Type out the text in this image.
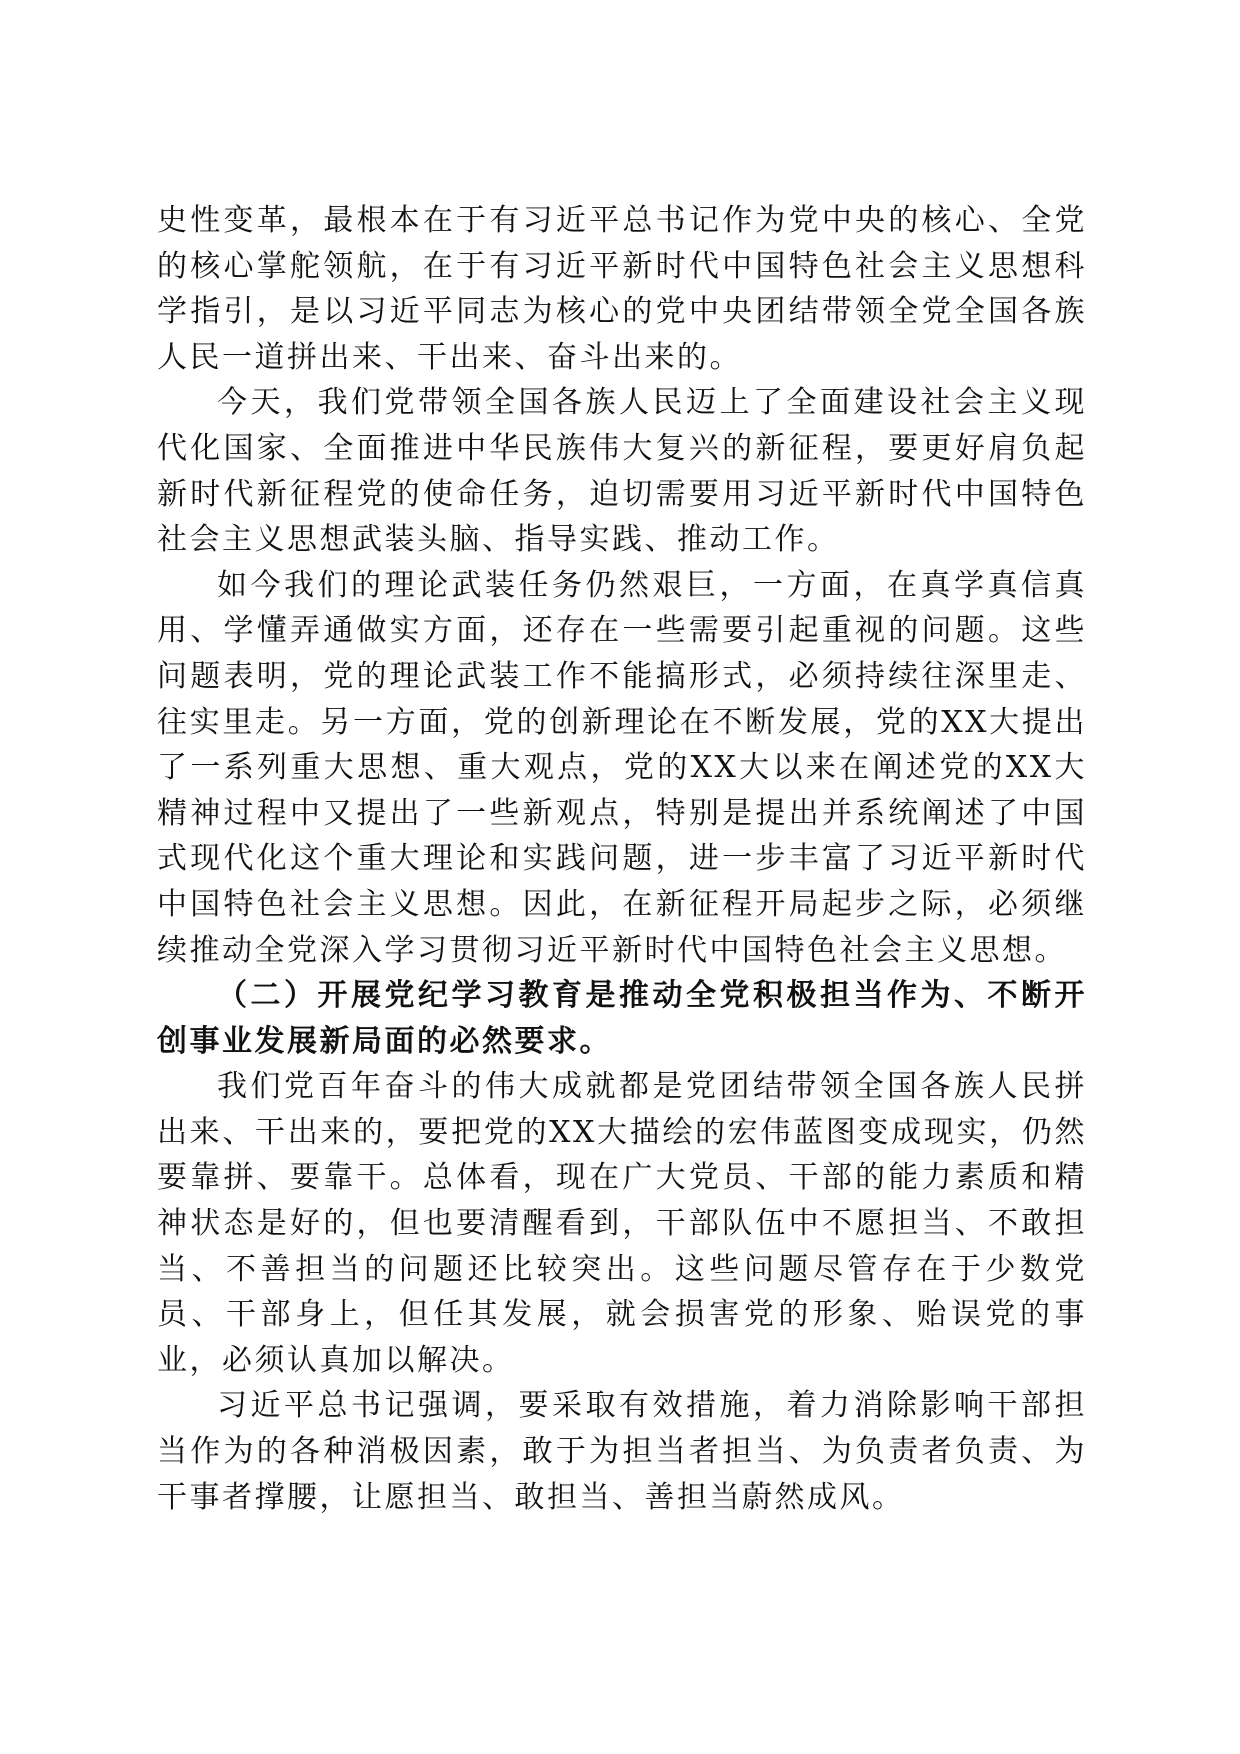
史性变革，最根本在于有习近平总书记作为党中央的核心、全党的核心掌舵领航，在于有习近平新时代中国特色社会主义思想科学指引，是以习近平同志为核心的党中央团结带领全党全国各族人民一道拼出来、干出来、奋斗出来的。

今天，我们党带领全国各族人民迈上了全面建设社会主义现代化国家、全面推进中华民族伟大复兴的新征程，要更好肩负起新时代新征程党的使命任务，迫切需要用习近平新时代中国特色社会主义思想武装头脑、指导实践、推动工作。

如今我们的理论武装任务仍然艰巨，一方面，在真学真信真用、学懂弄通做实方面，还存在一些需要引起重视的问题。这些问题表明，党的理论武装工作不能搞形式，必须持续往深里走、往实里走。另一方面，党的创新理论在不断发展，党的XX大提出了一系列重大思想、重大观点，党的XX大以来在阐述党的XX大精神过程中又提出了一些新观点，特别是提出并系统阐述了中国式现代化这个重大理论和实践问题，进一步丰富了习近平新时代中国特色社会主义思想。因此，在新征程开局起步之际，必须继续推动全党深入学习贯彻习近平新时代中国特色社会主义思想。

（二）开展党纪学习教育是推动全党积极担当作为、不断开创事业发展新局面的必然要求。

我们党百年奋斗的伟大成就都是党团结带领全国各族人民拼出来、干出来的，要把党的XX大描绘的宏伟蓝图变成现实，仍然要靠拼、要靠干。总体看，现在广大党员、干部的能力素质和精神状态是好的，但也要清醒看到，干部队伍中不愿担当、不敢担当、不善担当的问题还比较突出。这些问题尽管存在于少数党员、干部身上，但任其发展，就会损害党的形象、贻误党的事业，必须认真加以解决。

习近平总书记强调，要采取有效措施，着力消除影响干部担当作为的各种消极因素，敢于为担当者担当、为负责者负责、为干事者撑腰，让愿担当、敢担当、善担当蔚然成风。
